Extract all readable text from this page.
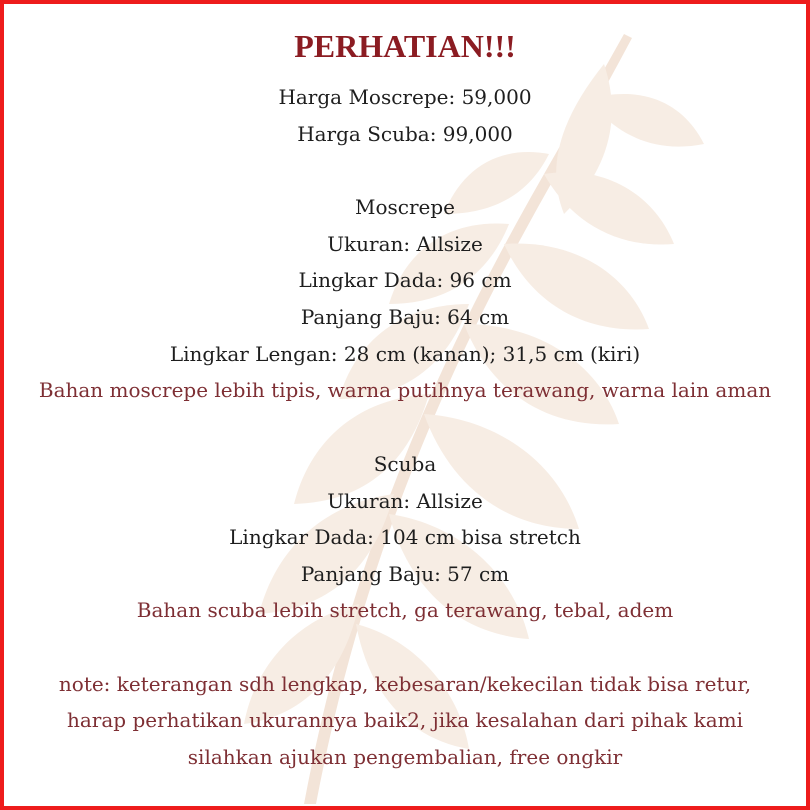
PERHATIAN!!!
Harga Moscrepe: 59,000
Harga Scuba: 99,000
Moscrepe
Ukuran: Allsize
Lingkar Dada: 96 cm
Panjang Baju: 64 cm
Lingkar Lengan: 28 cm (kanan); 31,5 cm (kiri)
Bahan moscrepe lebih tipis, warna putihnya terawang, warna lain aman
Scuba
Ukuran: Allsize
Lingkar Dada: 104 cm bisa stretch
Panjang Baju: 57 cm
Bahan scuba lebih stretch, ga terawang, tebal, adem
note: keterangan sdh lengkap, kebesaran/kekecilan tidak bisa retur,
harap perhatikan ukurannya baik2, jika kesalahan dari pihak kami
silahkan ajukan pengembalian, free ongkir
